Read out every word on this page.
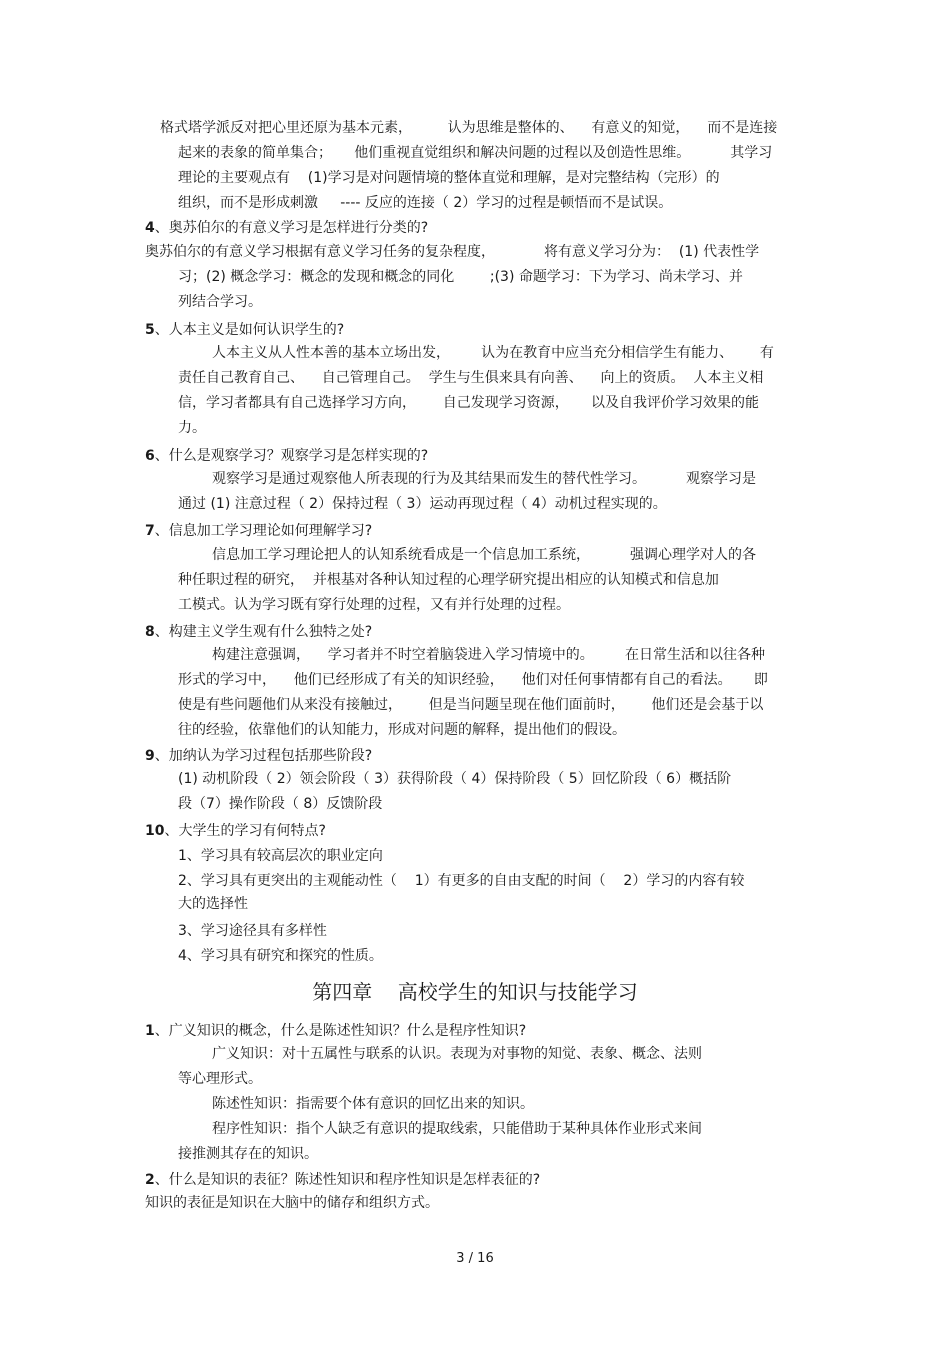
格式塔学派反对把心里还原为基本元素，        认为思维是整体的、    有意义的知觉，    而不是连接
起来的表象的简单集合；     他们重视直觉组织和解决问题的过程以及创造性思维。         其学习
理论的主要观点有    (1)学习是对问题情境的整体直觉和理解，是对完整结构（完形）的
组织，而不是形成刺激     ---- 反应的连接（ 2）学习的过程是顿悟而不是试误。
4、奥苏伯尔的有意义学习是怎样进行分类的?
奥苏伯尔的有意义学习根据有意义学习任务的复杂程度，           将有意义学习分为：  (1) 代表性学
习；(2) 概念学习：概念的发现和概念的同化        ;(3) 命题学习：下为学习、尚未学习、并
列结合学习。
5、人本主义是如何认识学生的?
人本主义从人性本善的基本立场出发，       认为在教育中应当充分相信学生有能力、      有
责任自己教育自己、    自己管理自己。  学生与生俱来具有向善、    向上的资质。  人本主义相
信，学习者都具有自己选择学习方向，      自己发现学习资源，     以及自我评价学习效果的能
力。
6、什么是观察学习？观察学习是怎样实现的?
观察学习是通过观察他人所表现的行为及其结果而发生的替代性学习。         观察学习是
通过 (1) 注意过程（ 2）保持过程（ 3）运动再现过程（ 4）动机过程实现的。
7、信息加工学习理论如何理解学习?
信息加工学习理论把人的认知系统看成是一个信息加工系统，         强调心理学对人的各
种任职过程的研究，  并根基对各种认知过程的心理学研究提出相应的认知模式和信息加
工模式。认为学习既有穿行处理的过程，又有并行处理的过程。
8、构建主义学生观有什么独特之处?
构建注意强调，    学习者并不时空着脑袋进入学习情境中的。       在日常生活和以往各种
形式的学习中，    他们已经形成了有关的知识经验，    他们对任何事情都有自己的看法。     即
使是有些问题他们从来没有接触过，      但是当问题呈现在他们面前时，      他们还是会基于以
往的经验，依靠他们的认知能力，形成对问题的解释，提出他们的假设。
9、加纳认为学习过程包括那些阶段?
(1) 动机阶段（ 2）领会阶段（ 3）获得阶段（ 4）保持阶段（ 5）回忆阶段（ 6）概括阶
段（7）操作阶段（ 8）反馈阶段
10、大学生的学习有何特点?
1、学习具有较高层次的职业定向
2、学习具有更突出的主观能动性（    1）有更多的自由支配的时间（    2）学习的内容有较
大的选择性
3、学习途径具有多样性
4、学习具有研究和探究的性质。
1、广义知识的概念，什么是陈述性知识？什么是程序性知识?
广义知识：对十五属性与联系的认识。表现为对事物的知觉、表象、概念、法则
等心理形式。
陈述性知识：指需要个体有意识的回忆出来的知识。
程序性知识：指个人缺乏有意识的提取线索，只能借助于某种具体作业形式来间
接推测其存在的知识。
2、什么是知识的表征？陈述性知识和程序性知识是怎样表征的?
知识的表征是知识在大脑中的储存和组织方式。
第四章    高校学生的知识与技能学习
3 / 16
